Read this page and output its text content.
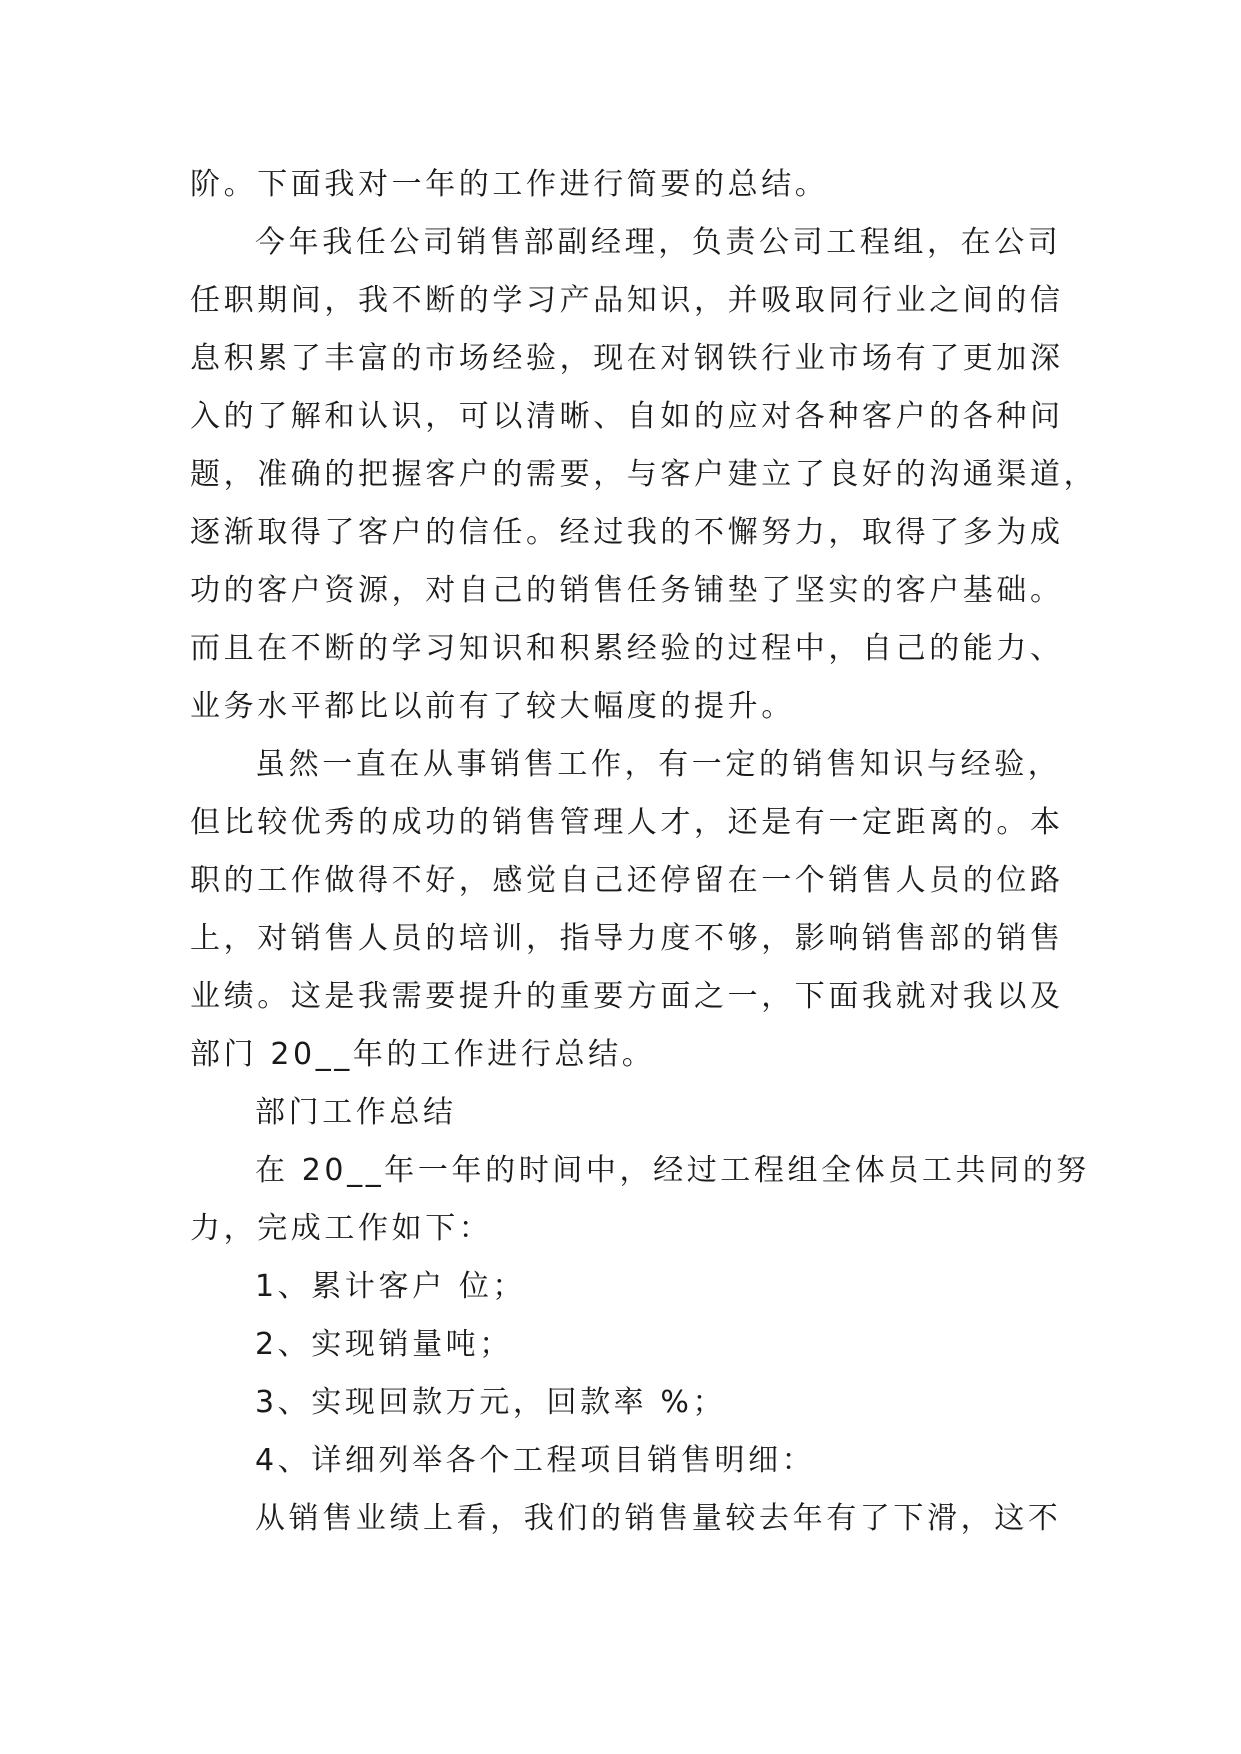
阶。下面我对一年的工作进行简要的总结。
今年我任公司销售部副经理，负责公司工程组，在公司
任职期间，我不断的学习产品知识，并吸取同行业之间的信
息积累了丰富的市场经验，现在对钢铁行业市场有了更加深
入的了解和认识，可以清晰、自如的应对各种客户的各种问
题，准确的把握客户的需要，与客户建立了良好的沟通渠道，
逐渐取得了客户的信任。经过我的不懈努力，取得了多为成
功的客户资源，对自己的销售任务铺垫了坚实的客户基础。
而且在不断的学习知识和积累经验的过程中，自己的能力、
业务水平都比以前有了较大幅度的提升。
虽然一直在从事销售工作，有一定的销售知识与经验，
但比较优秀的成功的销售管理人才，还是有一定距离的。本
职的工作做得不好，感觉自己还停留在一个销售人员的位路
上，对销售人员的培训，指导力度不够，影响销售部的销售
业绩。这是我需要提升的重要方面之一，下面我就对我以及
部门 20__年的工作进行总结。
部门工作总结
在 20__年一年的时间中，经过工程组全体员工共同的努
力，完成工作如下：
1、累计客户 位；
2、实现销量吨；
3、实现回款万元，回款率 %；
4、详细列举各个工程项目销售明细：
从销售业绩上看，我们的销售量较去年有了下滑，这不
